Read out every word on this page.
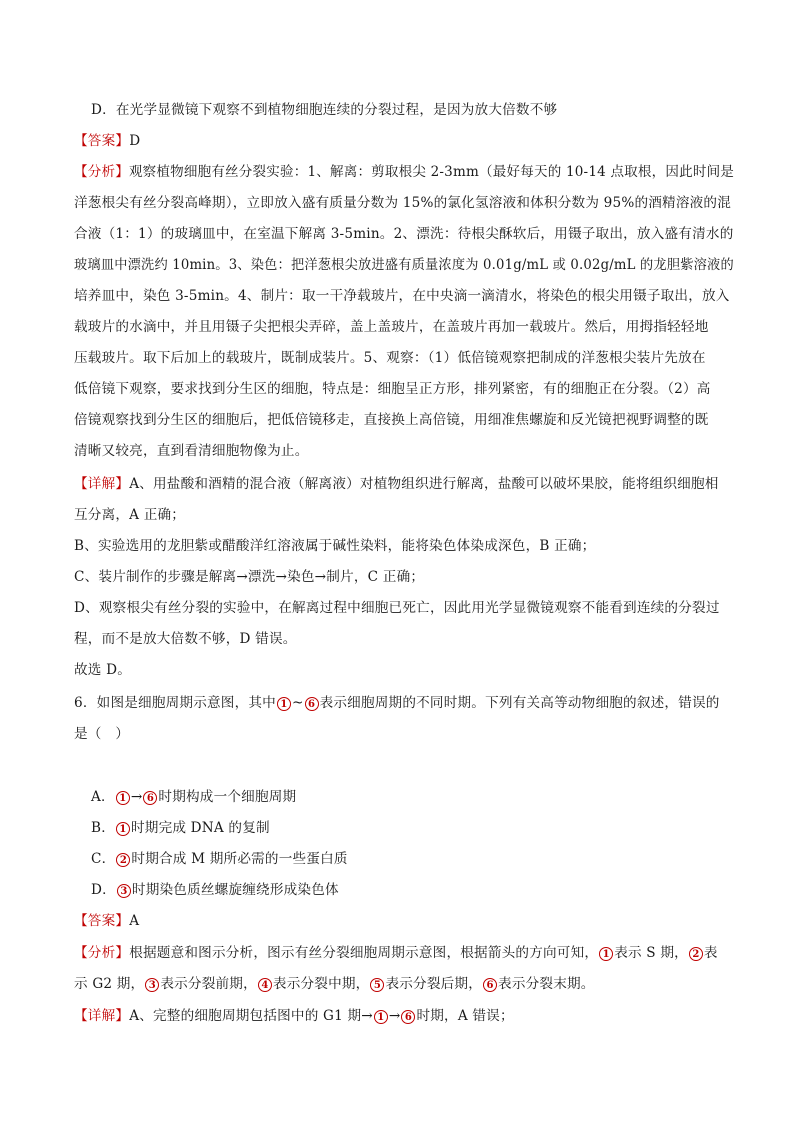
D．在光学显微镜下观察不到植物细胞连续的分裂过程，是因为放大倍数不够
【答案】D
【分析】观察植物细胞有丝分裂实验：1、解离：剪取根尖 2-3mm（最好每天的 10-14 点取根，因此时间是
洋葱根尖有丝分裂高峰期），立即放入盛有质量分数为 15%的氯化氢溶液和体积分数为 95%的酒精溶液的混
合液（1：1）的玻璃皿中，在室温下解离 3-5min。2、漂洗：待根尖酥软后，用镊子取出，放入盛有清水的
玻璃皿中漂洗约 10min。3、染色：把洋葱根尖放进盛有质量浓度为 0.01g/mL 或 0.02g/mL 的龙胆紫溶液的
培养皿中，染色 3-5min。4、制片：取一干净载玻片，在中央滴一滴清水，将染色的根尖用镊子取出，放入
载玻片的水滴中，并且用镊子尖把根尖弄碎，盖上盖玻片，在盖玻片再加一载玻片。然后，用拇指轻轻地
压载玻片。取下后加上的载玻片，既制成装片。5、观察：（1）低倍镜观察把制成的洋葱根尖装片先放在
低倍镜下观察，要求找到分生区的细胞，特点是：细胞呈正方形，排列紧密，有的细胞正在分裂。（2）高
倍镜观察找到分生区的细胞后，把低倍镜移走，直接换上高倍镜，用细准焦螺旋和反光镜把视野调整的既
清晰又较亮，直到看清细胞物像为止。
【详解】A、用盐酸和酒精的混合液（解离液）对植物组织进行解离，盐酸可以破坏果胶，能将组织细胞相
互分离，A 正确；
B、实验选用的龙胆紫或醋酸洋红溶液属于碱性染料，能将染色体染成深色，B 正确；
C、装片制作的步骤是解离→漂洗→染色→制片，C 正确；
D、观察根尖有丝分裂的实验中，在解离过程中细胞已死亡，因此用光学显微镜观察不能看到连续的分裂过
程，而不是放大倍数不够，D 错误。
故选 D。
6．如图是细胞周期示意图，其中 1 ~ 6 表示细胞周期的不同时期。下列有关高等动物细胞的叙述，错误的
是（　）
A． 1 → 6 时期构成一个细胞周期
B． 1 时期完成 DNA 的复制
C． 2 时期合成 M 期所必需的一些蛋白质
D． 3 时期染色质丝螺旋缠绕形成染色体
【答案】A
【分析】根据题意和图示分析，图示有丝分裂细胞周期示意图，根据箭头的方向可知， 1 表示 S 期， 2 表
示 G2 期， 3 表示分裂前期， 4 表示分裂中期， 5 表示分裂后期， 6 表示分裂末期。
【详解】A、完整的细胞周期包括图中的 G1 期→ 1 → 6 时期，A 错误；
